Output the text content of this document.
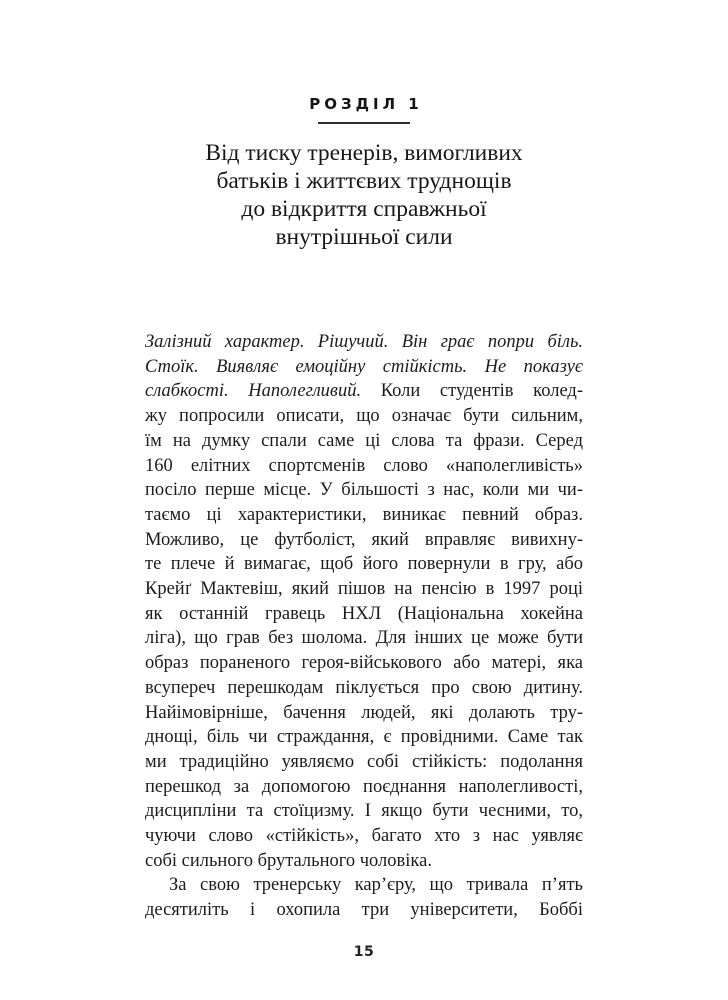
РОЗДІЛ 1
Від тиску тренерів, вимогливих
батьків і життєвих труднощів
до відкриття справжньої
внутрішньої сили
Залізний характер. Рішучий. Він грає попри біль.
Стоїк. Виявляє емоційну стійкість. Не показує
слабкості. Наполегливий. Коли студентів колед-
жу попросили описати, що означає бути сильним,
їм на думку спали саме ці слова та фрази. Серед
160 елітних спортсменів слово «наполегливість»
посіло перше місце. У більшості з нас, коли ми чи-
таємо ці характеристики, виникає певний образ.
Можливо, це футболіст, який вправляє вивихну-
те плече й вимагає, щоб його повернули в гру, або
Крейґ Мактевіш, який пішов на пенсію в 1997 році
як останній гравець НХЛ (Національна хокейна
ліга), що грав без шолома. Для інших це може бути
образ пораненого героя-військового або матері, яка
всупереч перешкодам піклується про свою дитину.
Найімовірніше, бачення людей, які долають тру-
днощі, біль чи страждання, є провідними. Саме так
ми традиційно уявляємо собі стійкість: подолання
перешкод за допомогою поєднання наполегливості,
дисципліни та стоїцизму. І якщо бути чесними, то,
чуючи слово «стійкість», багато хто з нас уявляє
собі сильного брутального чоловіка.
За свою тренерську кар’єру, що тривала п’ять
десятиліть і охопила три університети, Боббі
15
